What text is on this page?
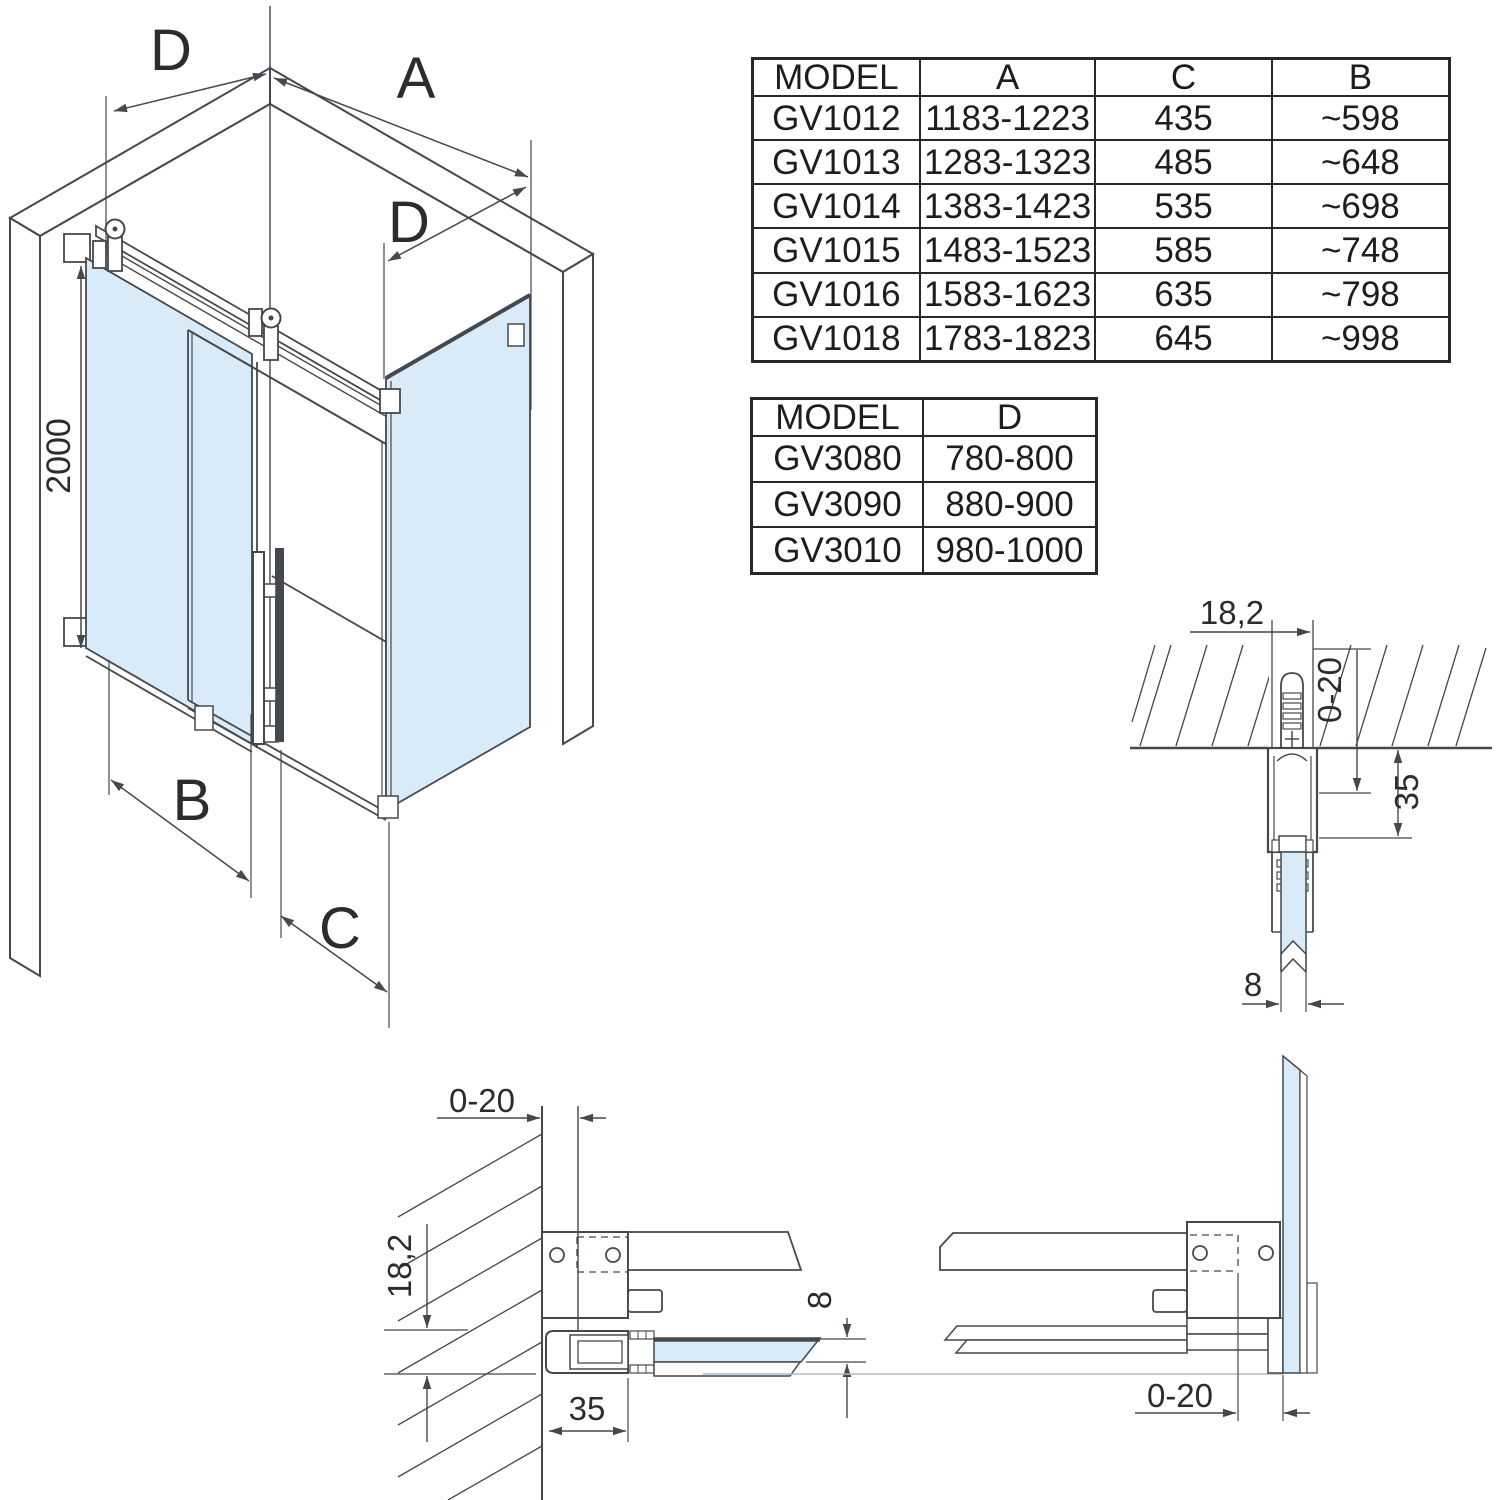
D	A
D
2000
B
C
18,2
0-20
35
8
0-20
18,2
8
35	0-20
MODEL	A	C	B
GV1012	1183-1223	435	~598
GV1013	1283-1323	485	~648
GV1014	1383-1423	535	~698
GV1015	1483-1523	585	~748
GV1016	1583-1623	635	~798
GV1018	1783-1823	645	~998
MODEL	D
GV3080	780-800
GV3090	880-900
GV3010	980-1000
